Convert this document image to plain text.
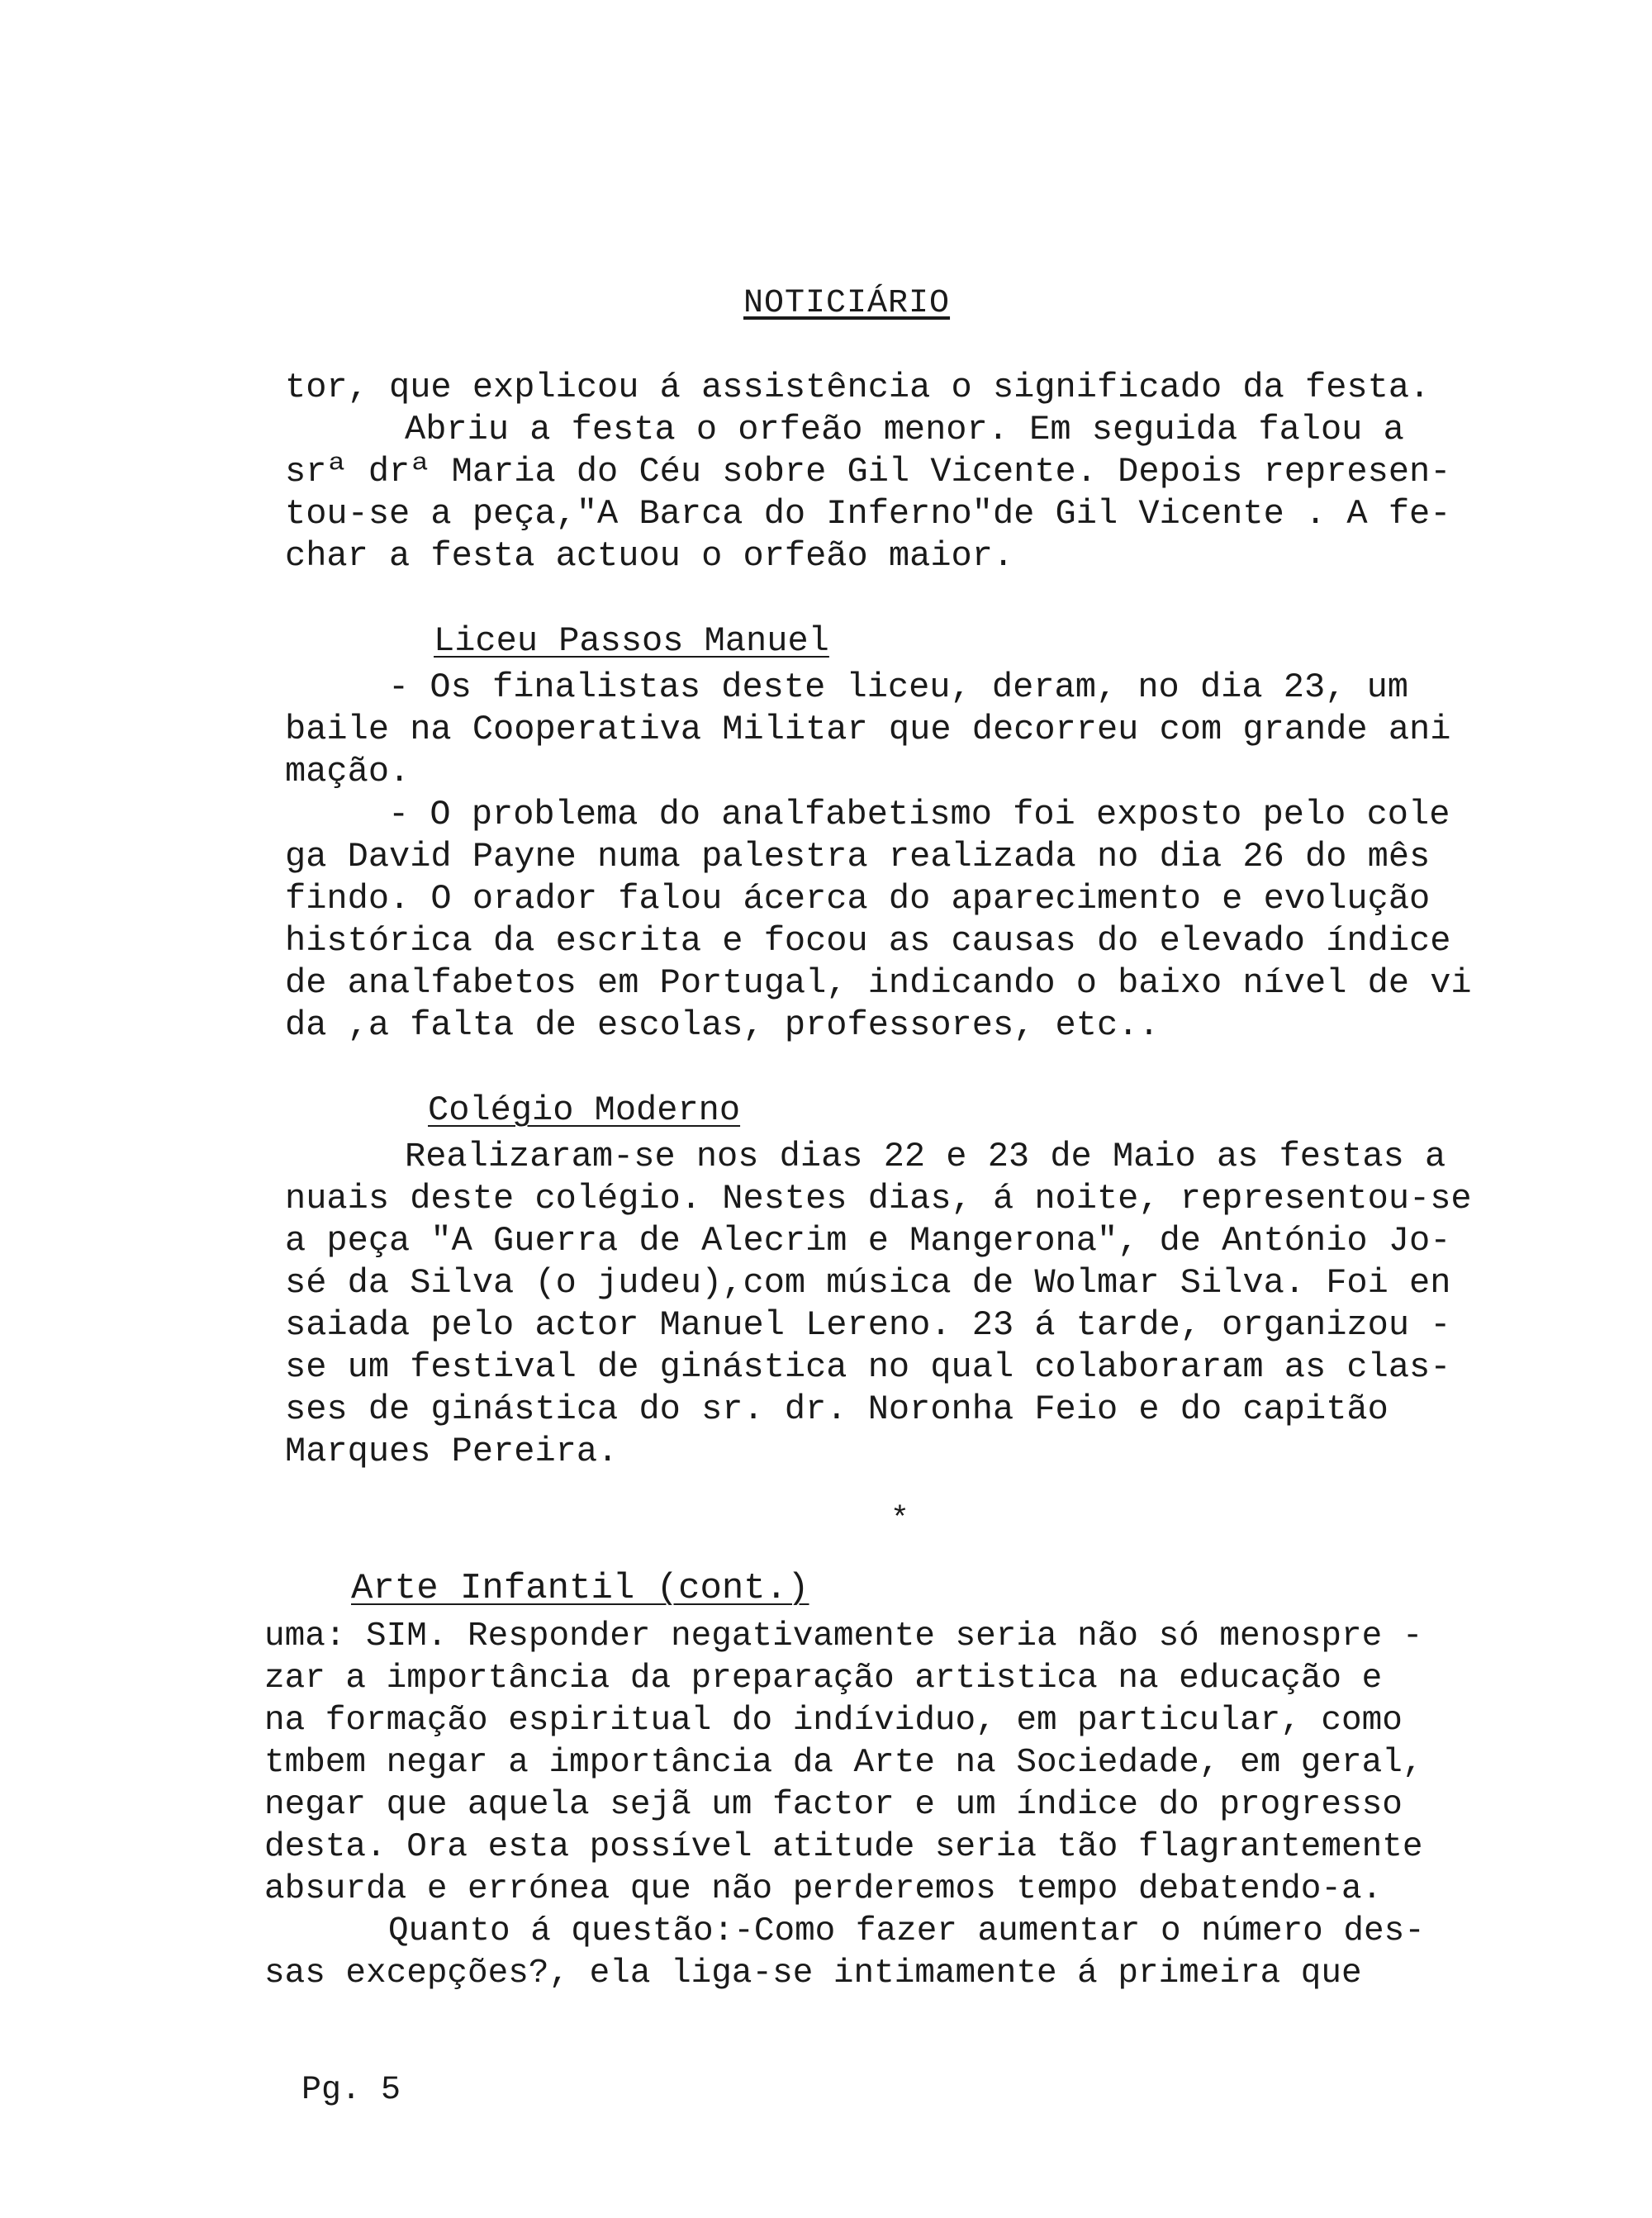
NOTICIÁRIO
tor, que explicou á assistência o significado da festa.
Abriu a festa o orfeão menor. Em seguida falou a
srª drª Maria do Céu sobre Gil Vicente. Depois represen-
tou-se a peça,"A Barca do Inferno"de Gil Vicente . A fe-
char a festa actuou o orfeão maior.
Liceu Passos Manuel
- Os finalistas deste liceu, deram, no dia 23, um
baile na Cooperativa Militar que decorreu com grande ani
mação.
- O problema do analfabetismo foi exposto pelo cole
ga David Payne numa palestra realizada no dia 26 do mês
findo. O orador falou ácerca do aparecimento e evolução
histórica da escrita e focou as causas do elevado índice
de analfabetos em Portugal, indicando o baixo nível de vi
da ,a falta de escolas, professores, etc..
Colégio Moderno
Realizaram-se nos dias 22 e 23 de Maio as festas a
nuais deste colégio. Nestes dias, á noite, representou-se
a peça "A Guerra de Alecrim e Mangerona", de António Jo-
sé da Silva (o judeu),com música de Wolmar Silva. Foi en
saiada pelo actor Manuel Lereno. 23 á tarde, organizou -
se um festival de ginástica no qual colaboraram as clas-
ses de ginástica do sr. dr. Noronha Feio e do capitão
Marques Pereira.
*
Arte Infantil (cont.)
uma: SIM. Responder negativamente seria não só menospre -
zar a importância da preparação artistica na educação e
na formação espiritual do indíviduo, em particular, como
tmbem negar a importância da Arte na Sociedade, em geral,
negar que aquela sejã um factor e um índice do progresso
desta. Ora esta possível atitude seria tão flagrantemente
absurda e errónea que não perderemos tempo debatendo-a.
Quanto á questão:-Como fazer aumentar o número des-
sas excepções?, ela liga-se intimamente á primeira que
Pg. 5
